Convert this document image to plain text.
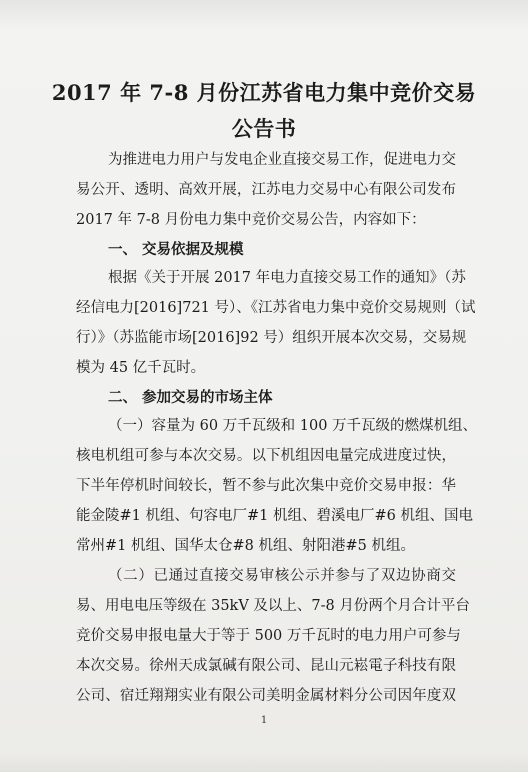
2017 年 7-8 月份江苏省电力集中竞价交易
公告书
为推进电力用户与发电企业直接交易工作，促进电力交
易公开、透明、高效开展，江苏电力交易中心有限公司发布
2017 年 7-8 月份电力集中竞价交易公告，内容如下：
一、 交易依据及规模
根据《关于开展 2017 年电力直接交易工作的通知》（苏
经信电力[2016]721 号）、《江苏省电力集中竞价交易规则（试
行）》（苏监能市场[2016]92 号）组织开展本次交易，交易规
模为 45 亿千瓦时。
二、 参加交易的市场主体
（一）容量为 60 万千瓦级和 100 万千瓦级的燃煤机组、
核电机组可参与本次交易。以下机组因电量完成进度过快，
下半年停机时间较长，暂不参与此次集中竞价交易申报：华
能金陵#1 机组、句容电厂#1 机组、碧溪电厂#6 机组、国电
常州#1 机组、国华太仓#8 机组、射阳港#5 机组。
（二）已通过直接交易审核公示并参与了双边协商交
易、用电电压等级在 35kV 及以上、7-8 月份两个月合计平台
竞价交易申报电量大于等于 500 万千瓦时的电力用户可参与
本次交易。徐州天成氯碱有限公司、昆山元崧電子科技有限
公司、宿迁翔翔实业有限公司美明金属材料分公司因年度双
1
